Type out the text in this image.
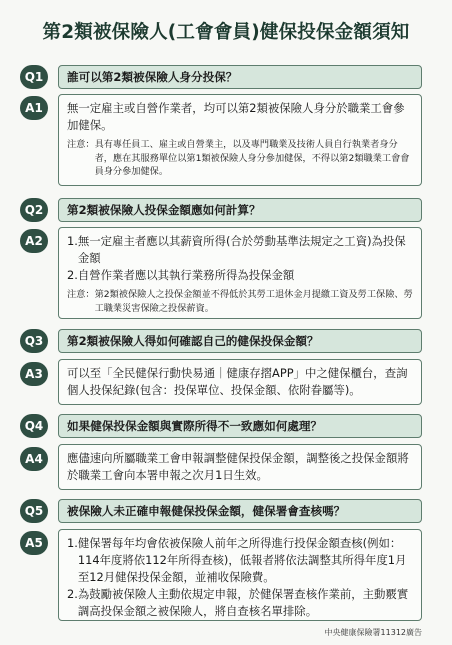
第2類被保險人(工會會員)健保投保金額須知
Q1	誰可以第2類被保險人身分投保？
A1	無一定雇主或自營作業者，均可以第2類被保險人身分於職業工會參加健保。

注意： 具有專任員工、雇主或自營業主，以及專門職業及技術人員自行執業者身分者，應在其服務單位以第1類被保險人身分參加健保，不得以第2類職業工會會員身分參加健保。
Q2	第2類被保險人投保金額應如何計算？
A2	1. 無一定雇主者應以其薪資所得(合於勞動基準法規定之工資)為投保金額
2. 自營作業者應以其執行業務所得為投保金額
注意： 第2類被保險人之投保金額並不得低於其勞工退休金月提繳工資及勞工保險、勞工職業災害保險之投保薪資。
Q3	第2類被保險人得如何確認自己的健保投保金額？
A3	可以至「全民健保行動快易通｜健康存摺APP」中之健保櫃台，查詢個人投保紀錄(包含：投保單位、投保金額、依附眷屬等)。

Q4	如果健保投保金額與實際所得不一致應如何處理？
A4	應儘速向所屬職業工會申報調整健保投保金額，調整後之投保金額將於職業工會向本署申報之次月1日生效。

Q5	被保險人未正確申報健保投保金額，健保署會查核嗎？
A5	1. 健保署每年均會依被保險人前年之所得進行投保金額查核(例如：114年度將依112年所得查核)，低報者將依法調整其所得年度1月至12月健保投保金額，並補收保險費。
2. 為鼓勵被保險人主動依規定申報，於健保署查核作業前，主動覈實調高投保金額之被保險人，將自查核名單排除。
中央健康保險署11312廣告
